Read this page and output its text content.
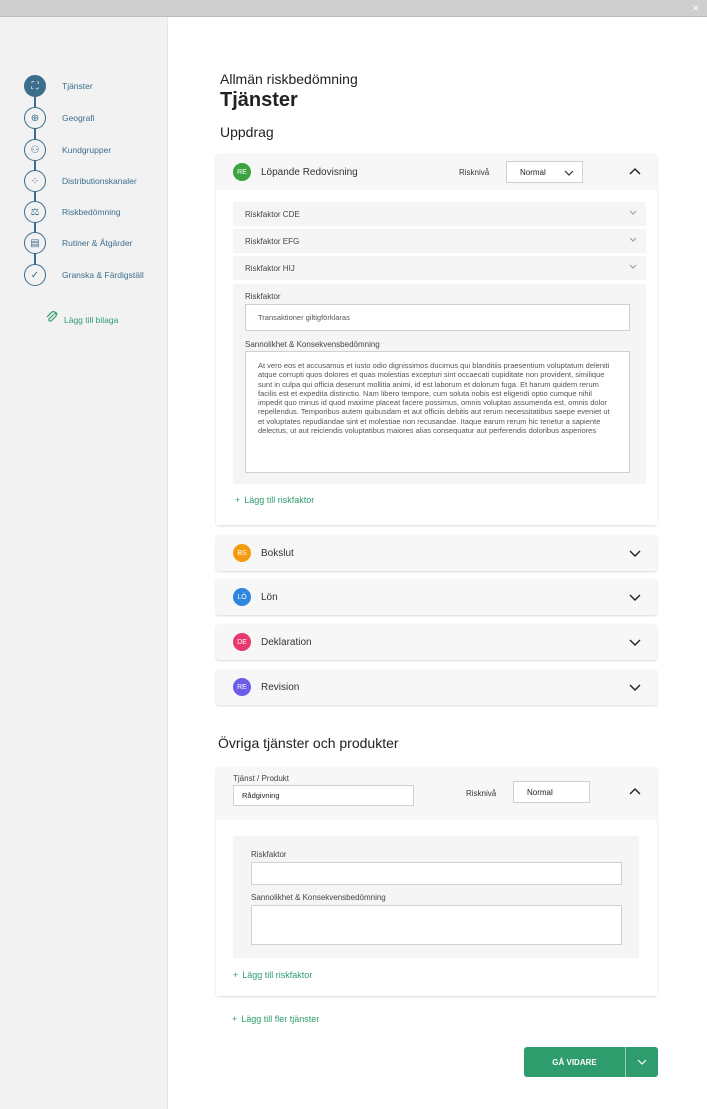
×
⛶	Tjänster
⊕	Geografi
⚇	Kundgrupper
⁘	Distributionskanaler
⚖	Riskbedömning
▤	Rutiner & Åtgärder
✓	Granska & Färdigställ
Lägg till bilaga
Allmän riskbedömning
Tjänster
Uppdrag
RE	Löpande Redovisning	Risknivå	Normal
Riskfaktor CDE
Riskfaktor EFG
Riskfaktor HIJ
Riskfaktor
Transaktioner giltigförklaras
Sannolikhet & Konsekvensbedömning
At vero eos et accusamus et iusto odio dignissimos ducimus qui blanditiis praesentium voluptatum deleniti atque corrupti quos dolores et quas molestias excepturi sint occaecati cupiditate non provident, similique sunt in culpa qui officia deserunt mollitia animi, id est laborum et dolorum fuga. Et harum quidem rerum facilis est et expedita distinctio. Nam libero tempore, cum soluta nobis est eligendi optio cumque nihil impedit quo minus id quod maxime placeat facere possimus, omnis voluptas assumenda est, omnis dolor repellendus. Temporibus autem quibusdam et aut officiis debitis aut rerum necessitatibus saepe eveniet ut et voluptates repudiandae sint et molestiae non recusandae. Itaque earum rerum hic tenetur a sapiente delectus, ut aut reiciendis voluptatibus maiores alias consequatur aut perferendis doloribus asperiores
+ Lägg till riskfaktor
BS	Bokslut
LÖ	Lön
DE	Deklaration
RE	Revision
Övriga tjänster och produkter
Tjänst / Produkt
Rådgivning	Risknivå	Normal
Riskfaktor
Sannolikhet & Konsekvensbedömning
+ Lägg till riskfaktor
+ Lägg till fler tjänster
GÅ VIDARE
